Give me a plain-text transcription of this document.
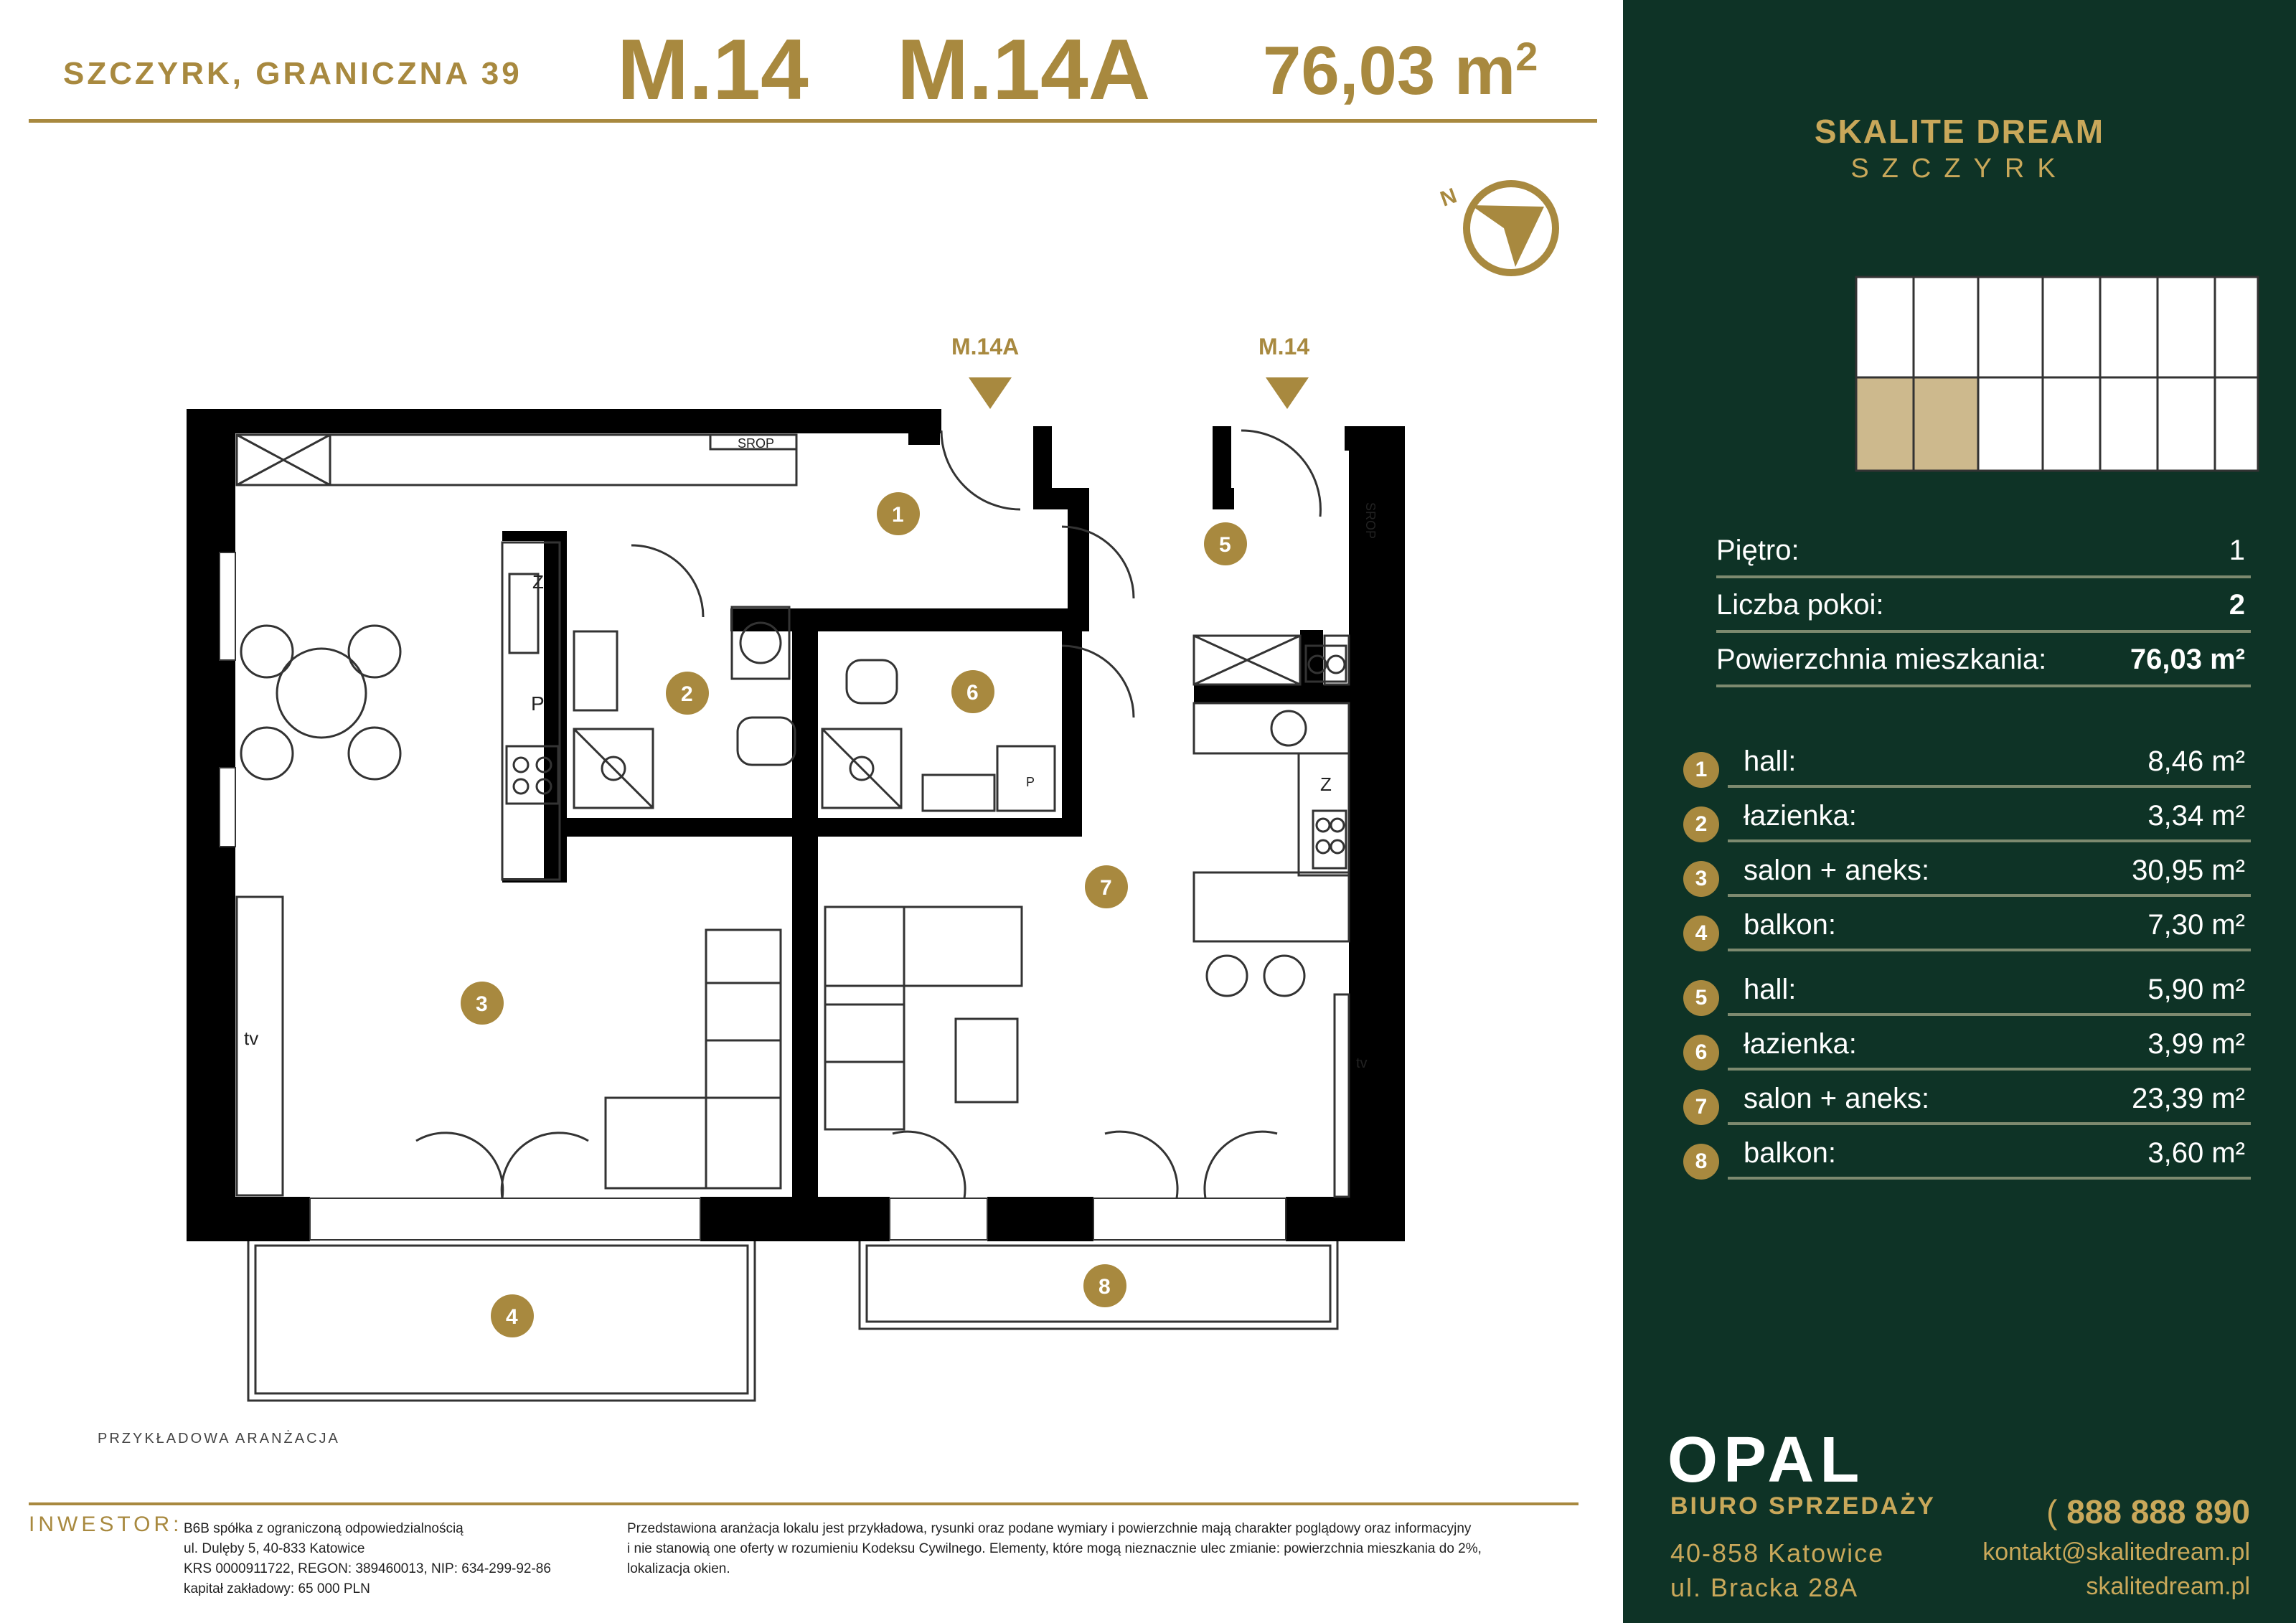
SZCZYRK, GRANICZNA 39 M.14 M.14A 76,03 $m^2$
N
M.14A	M.14
SROP
Z
P
tv
P
SROP
Z
tv
1
2
3
4
5
6
7
8
PRZYKŁADOWA ARANŻACJA
SKALITE DREAM
SZCZYRK
Piętro:	1
Liczba pokoi:	2
Powierzchnia mieszkania:	76,03 m²
1	hall:	8,46 m²
2	łazienka:	3,34 m²
3	salon + aneks:	30,95 m²
4	balkon:	7,30 m²
5	hall:	5,90 m²
6	łazienka:	3,99 m²
7	salon + aneks:	23,39 m²
8	balkon:	3,60 m²
OPAL
BIURO SPRZEDAŻY
40-858 Katowice
ul. Bracka 28A
( 888 888 890
kontakt@skalitedream.pl
skalitedream.pl
INWESTOR: B6B spółka z ograniczoną odpowiedzialnością
ul. Dulęby 5, 40-833 Katowice
KRS 0000911722, REGON: 389460013, NIP: 634-299-92-86
kapitał zakładowy: 65 000 PLN
Przedstawiona aranżacja lokalu jest przykładowa, rysunki oraz podane wymiary i powierzchnie mają charakter poglądowy oraz informacyjny
i nie stanowią one oferty w rozumieniu Kodeksu Cywilnego. Elementy, które mogą nieznacznie ulec zmianie: powierzchnia mieszkania do 2%,
lokalizacja okien.
